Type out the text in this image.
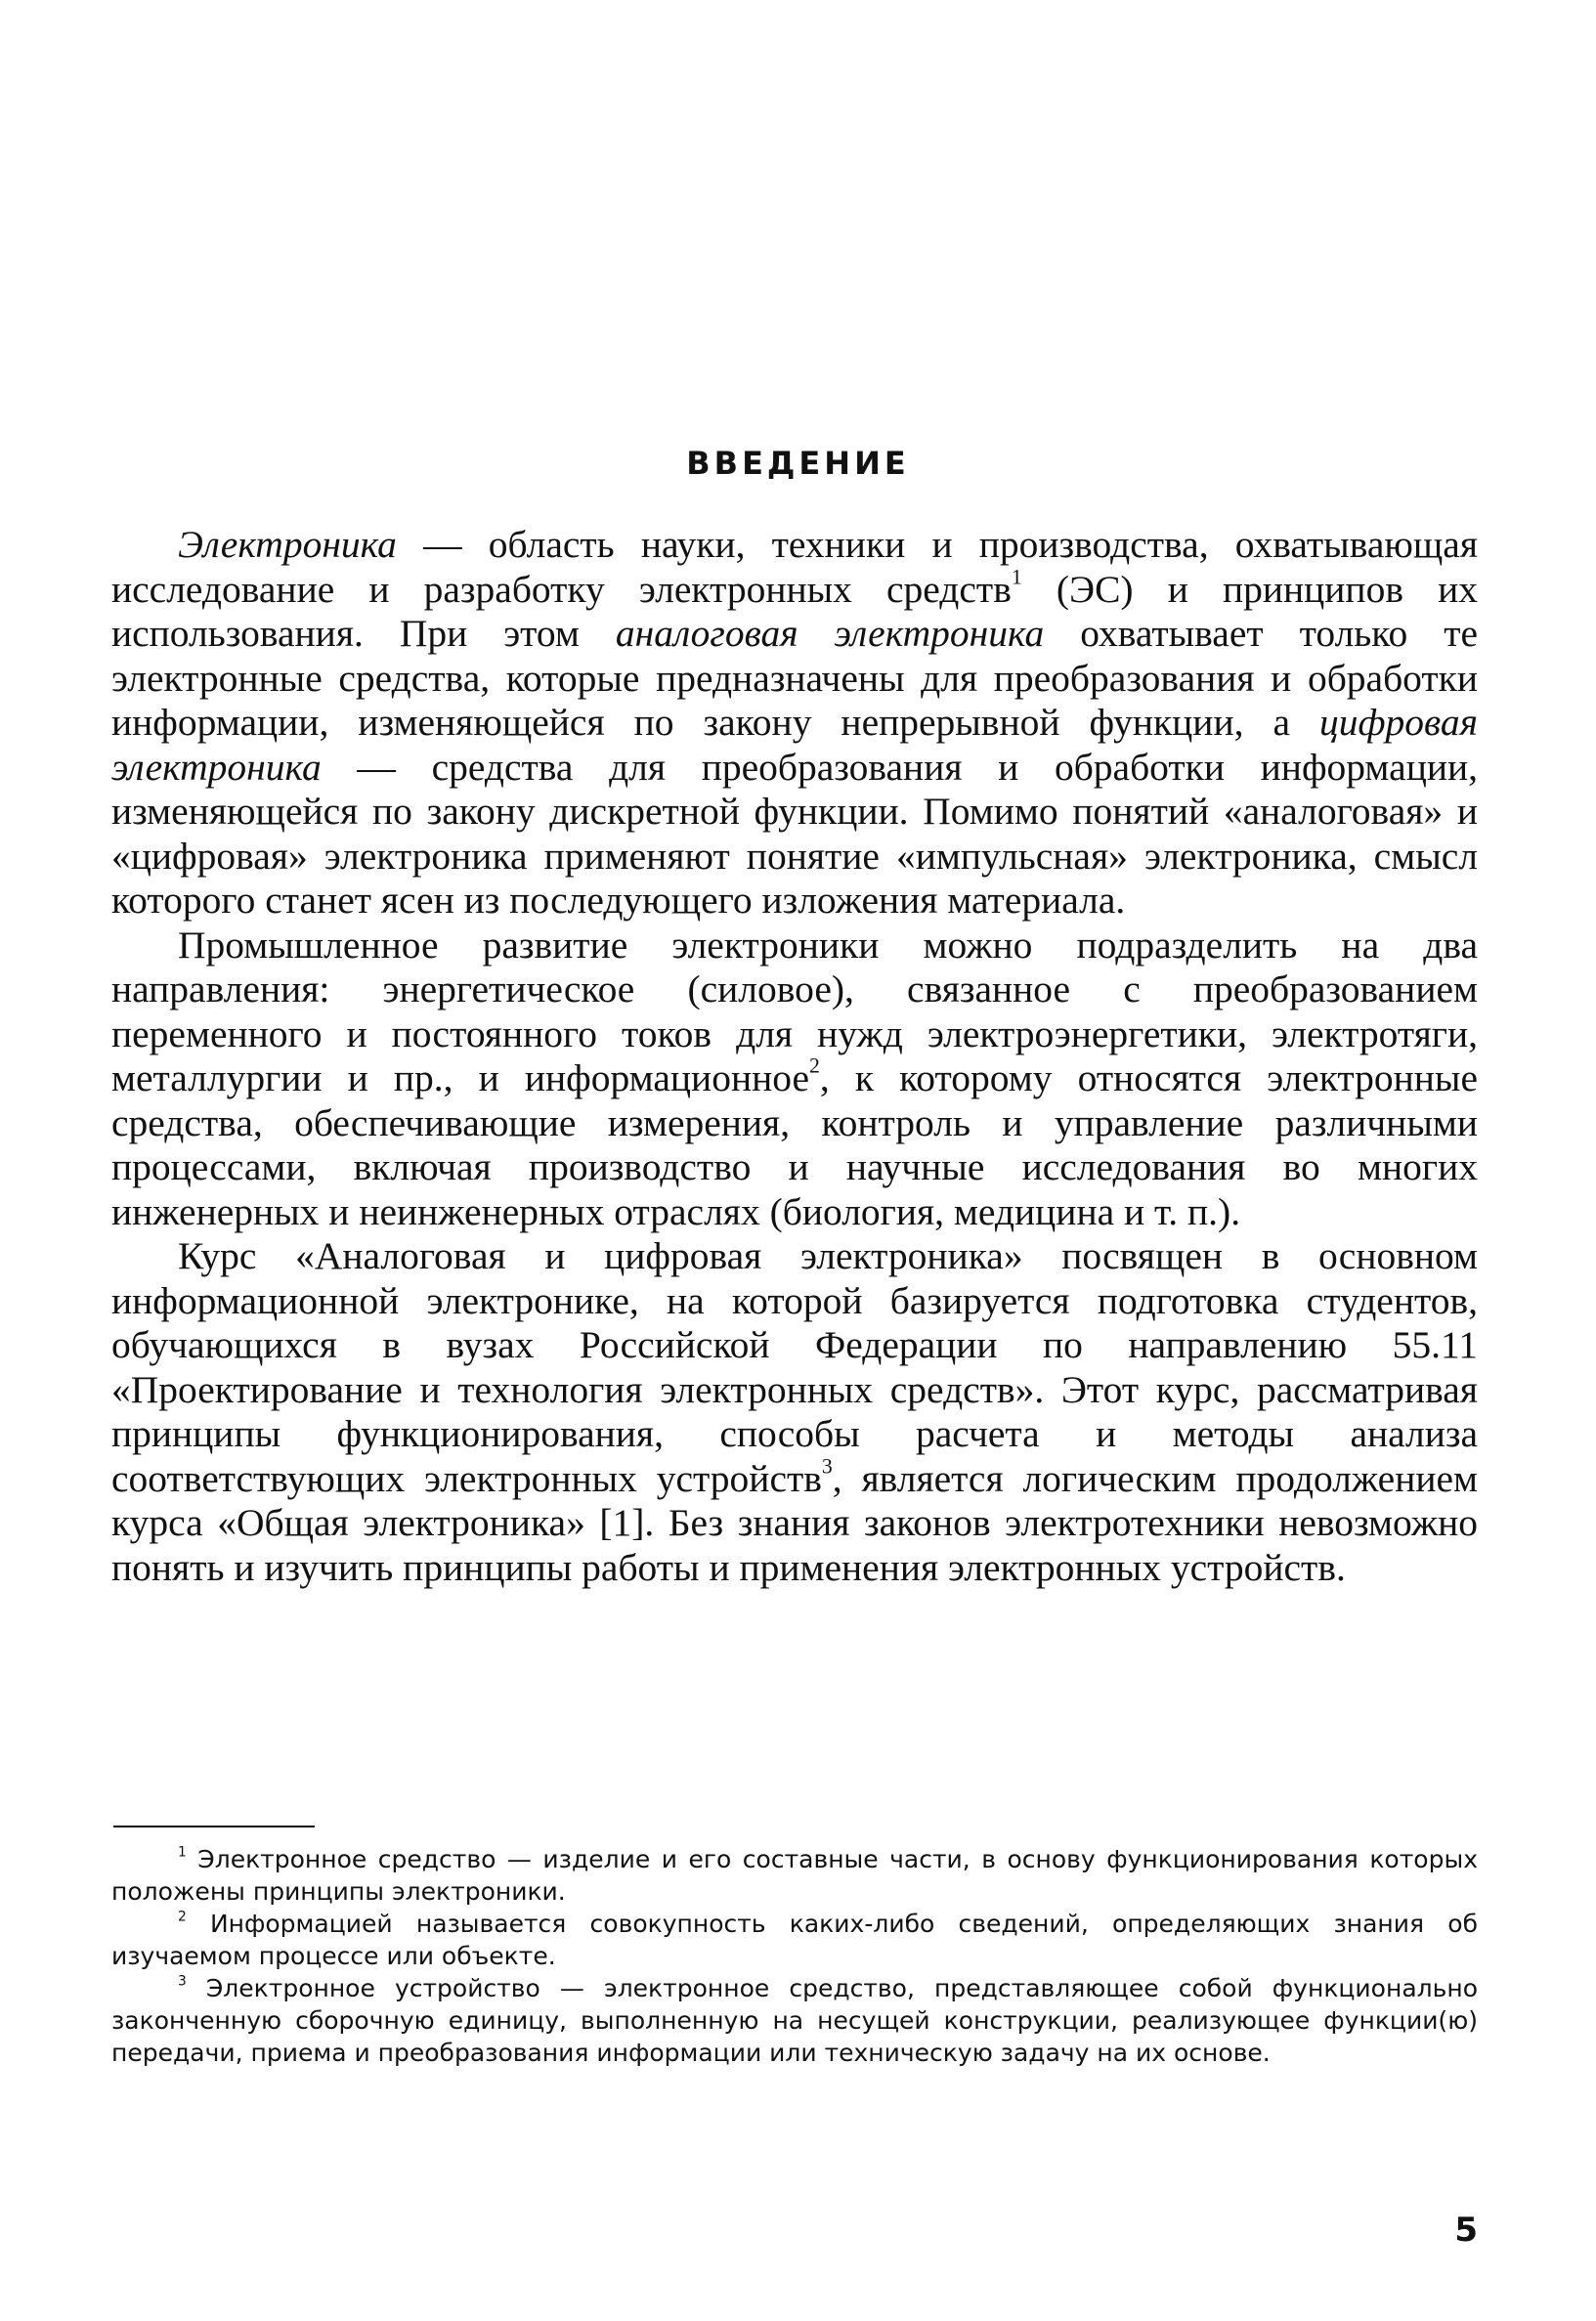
ВВЕДЕНИЕ

Электроника — область науки, техники и производства, охватывающая исследование и разработку электронных средств$^1$ (ЭС) и принципов их использования. При этом аналоговая электроника охватывает только те электронные средства, которые предназначены для преобразования и обработки информации, изменяющейся по закону непрерывной функции, а цифровая электроника — средства для преобразования и обработки информации, изменяющейся по закону дискретной функции. Помимо понятий «аналоговая» и «цифровая» электроника применяют понятие «импульсная» электроника, смысл которого станет ясен из последующего изложения материала.

Промышленное развитие электроники можно подразделить на два направления: энергетическое (силовое), связанное с преобразованием переменного и постоянного токов для нужд электроэнергетики, электротяги, металлургии и пр., и информационное$^2$, к которому относятся электронные средства, обеспечивающие измерения, контроль и управление различными процессами, включая производство и научные исследования во многих инженерных и неинженерных отраслях (биология, медицина и т. п.).

Курс «Аналоговая и цифровая электроника» посвящен в основном информационной электронике, на которой базируется подготовка студентов, обучающихся в вузах Российской Федерации по направлению 55.11 «Проектирование и технология электронных средств». Этот курс, рассматривая принципы функционирования, способы расчета и методы анализа соответствующих электронных устройств$^3$, является логическим продолжением курса «Общая электроника» [1]. Без знания законов электротехники невозможно понять и изучить принципы работы и применения электронных устройств.

$^1$ Электронное средство — изделие и его составные части, в основу функционирования которых положены принципы электроники.

$^2$ Информацией называется совокупность каких-либо сведений, определяющих знания об изучаемом процессе или объекте.

$^3$ Электронное устройство — электронное средство, представляющее собой функционально законченную сборочную единицу, выполненную на несущей конструкции, реализующее функции(ю) передачи, приема и преобразования информации или техническую задачу на их основе.

5
